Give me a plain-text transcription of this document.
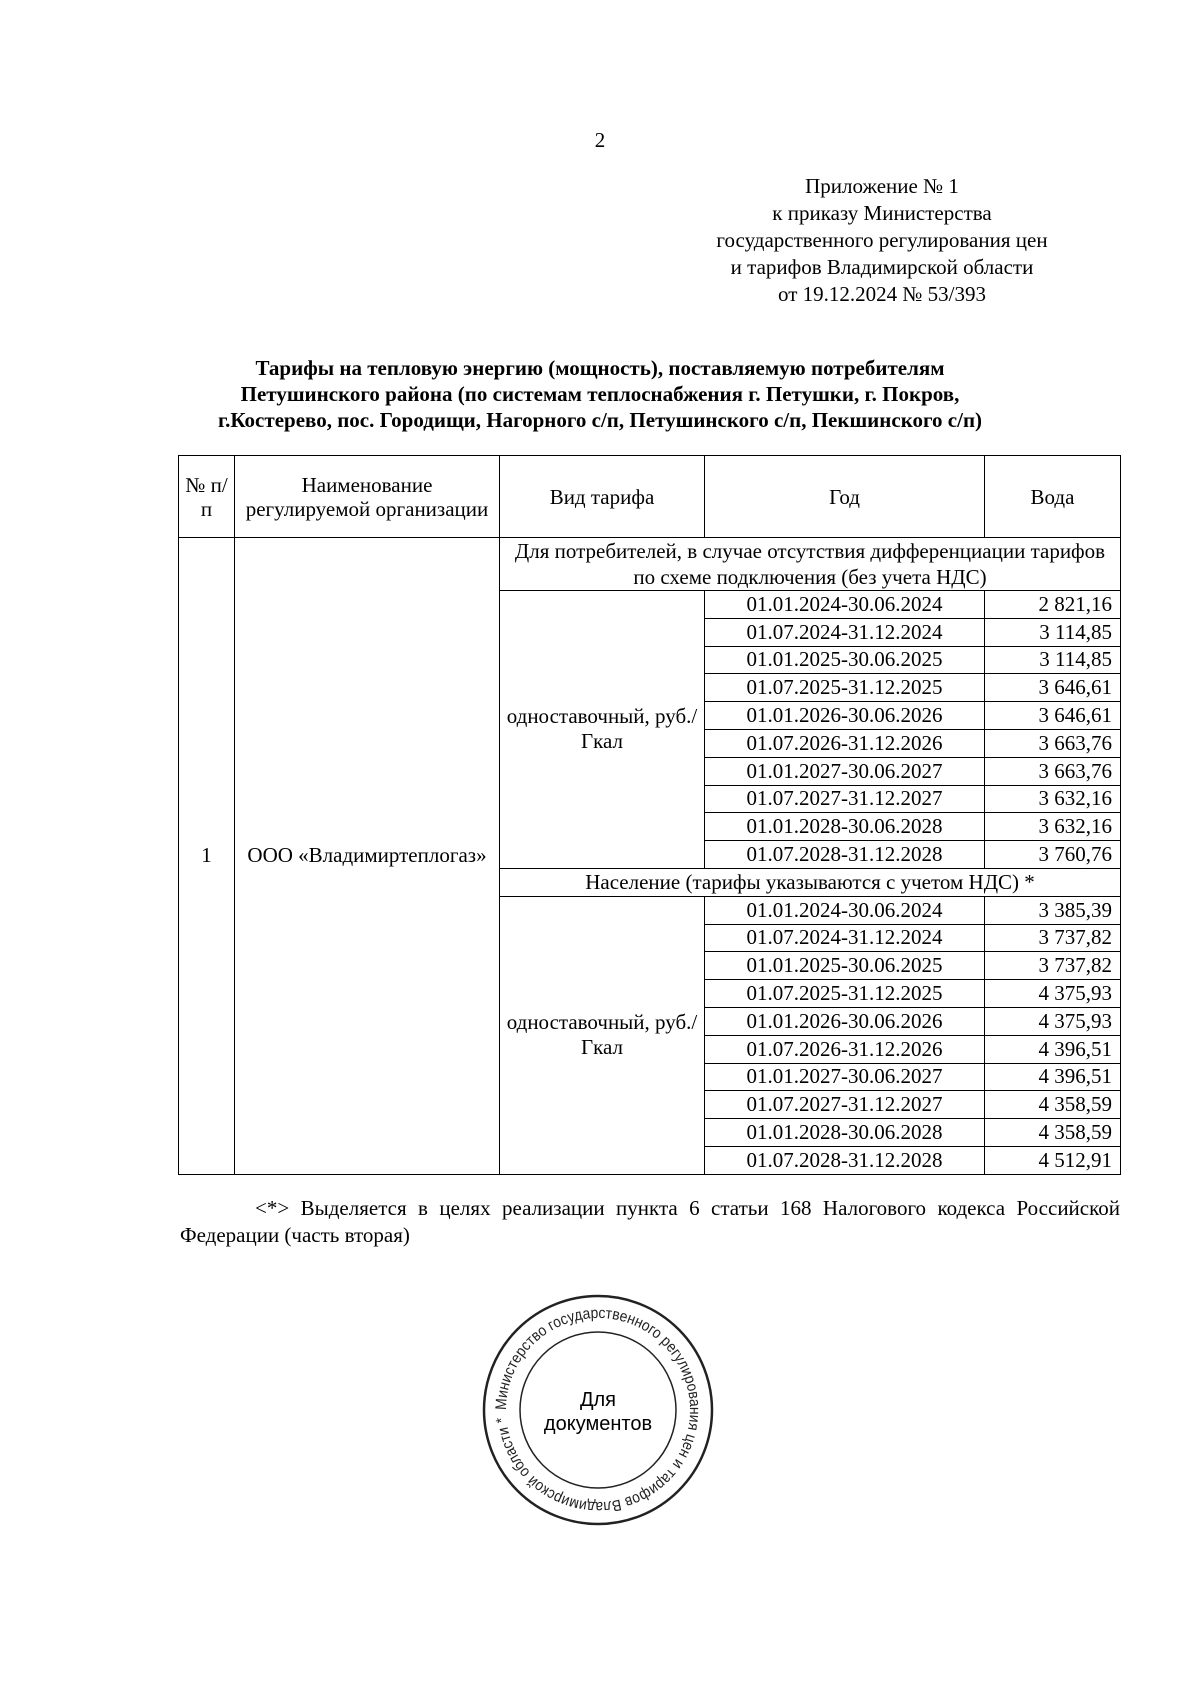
2
Приложение № 1
к приказу Министерства
государственного регулирования цен
и тарифов Владимирской области
от 19.12.2024 № 53/393
Тарифы на тепловую энергию (мощность), поставляемую потребителям
Петушинского района (по системам теплоснабжения г. Петушки, г. Покров,
г.Костерево, пос. Городищи, Нагорного с/п, Петушинского с/п, Пекшинского с/п)
№ п/п	Наименование регулируемой организации	Вид тарифа	Год	Вода
1	ООО «Владимиртеплогаз»	Для потребителей, в случае отсутствия дифференциации тарифов по схеме подключения (без учета НДС)		
		одноставочный, руб./Гкал	01.01.2024-30.06.2024	2 821,16
			01.07.2024-31.12.2024	3 114,85
			01.01.2025-30.06.2025	3 114,85
			01.07.2025-31.12.2025	3 646,61
			01.01.2026-30.06.2026	3 646,61
			01.07.2026-31.12.2026	3 663,76
			01.01.2027-30.06.2027	3 663,76
			01.07.2027-31.12.2027	3 632,16
			01.01.2028-30.06.2028	3 632,16
			01.07.2028-31.12.2028	3 760,76
		Население (тарифы указываются с учетом НДС) *		
		одноставочный, руб./Гкал	01.01.2024-30.06.2024	3 385,39
			01.07.2024-31.12.2024	3 737,82
			01.01.2025-30.06.2025	3 737,82
			01.07.2025-31.12.2025	4 375,93
			01.01.2026-30.06.2026	4 375,93
			01.07.2026-31.12.2026	4 396,51
			01.01.2027-30.06.2027	4 396,51
			01.07.2027-31.12.2027	4 358,59
			01.01.2028-30.06.2028	4 358,59
			01.07.2028-31.12.2028	4 512,91
<*> Выделяется в целях реализации пункта 6 статьи 168 Налогового кодекса Российской Федерации (часть вторая)
Министерство государственного регулирования цен и тарифов Владимирской области *
Для
документов
